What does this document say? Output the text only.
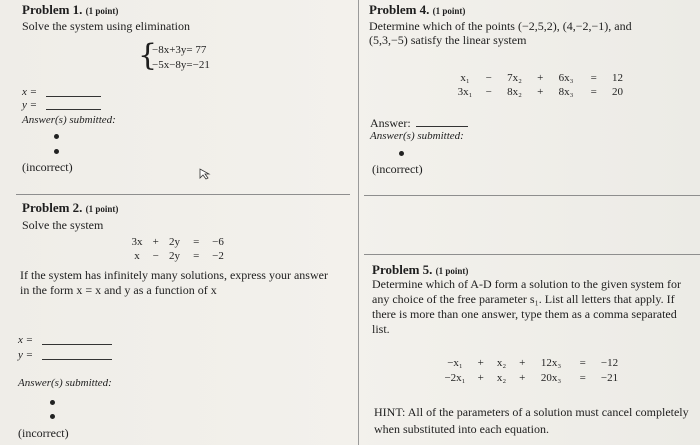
Problem 1. (1 point)
Solve the system using elimination
{
−8x+3y= 77
−5x−8y=−21
x =
y =
Answer(s) submitted:
(incorrect)
Problem 2. (1 point)
Solve the system
3x + 2y = −6
x − 2y = −2
If the system has infinitely many solutions, express your answer
in the form x = x and y as a function of x
x =
y =
Answer(s) submitted:
(incorrect)
Problem 4. (1 point)
Determine which of the points (−2,5,2), (4,−2,−1), and
(5,3,−5) satisfy the linear system
x₁ − 7x₂ + 6x₃ = 12
3x₁ − 8x₂ + 8x₃ = 20
Answer:
Answer(s) submitted:
(incorrect)
Problem 5. (1 point)
Determine which of A-D form a solution to the given system for
any choice of the free parameter s₁. List all letters that apply. If
there is more than one answer, type them as a comma separated
list.
−x₁ + x₂ + 12x₃ = −12
−2x₁ + x₂ + 20x₃ = −21
HINT: All of the parameters of a solution must cancel completely
when substituted into each equation.
